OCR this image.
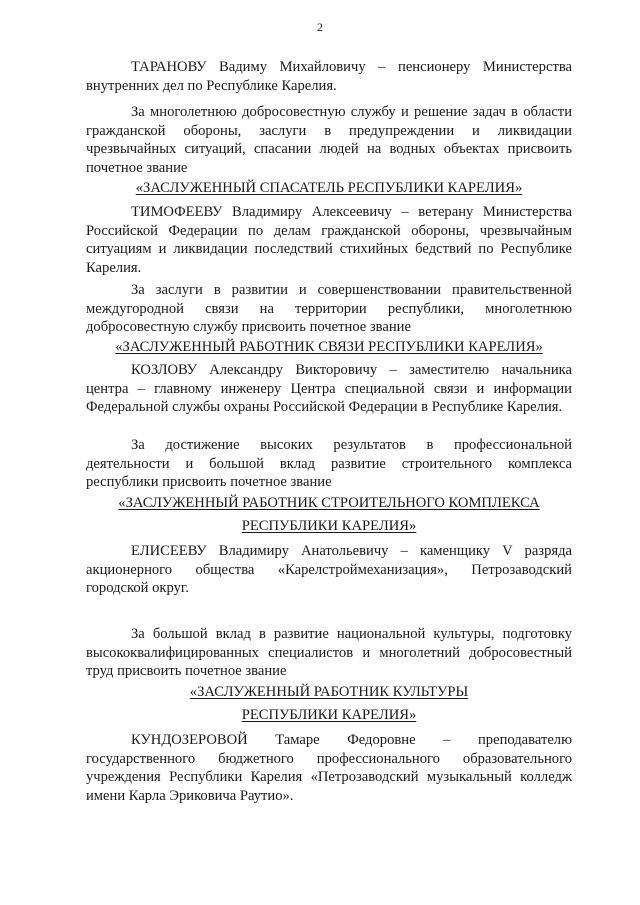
2

ТАРАНОВУ Вадиму Михайловичу – пенсионеру Министерства внутренних дел по Республике Карелия.

За многолетнюю добросовестную службу и решение задач в области гражданской обороны, заслуги в предупреждении и ликвидации чрезвычайных ситуаций, спасании людей на водных объектах присвоить почетное звание

«ЗАСЛУЖЕННЫЙ СПАСАТЕЛЬ РЕСПУБЛИКИ КАРЕЛИЯ»

ТИМОФЕЕВУ Владимиру Алексеевичу – ветерану Министерства Российской Федерации по делам гражданской обороны, чрезвычайным ситуациям и ликвидации последствий стихийных бедствий по Республике Карелия.

За заслуги в развитии и совершенствовании правительственной междугородной связи на территории республики, многолетнюю добросовестную службу присвоить почетное звание

«ЗАСЛУЖЕННЫЙ РАБОТНИК СВЯЗИ РЕСПУБЛИКИ КАРЕЛИЯ»

КОЗЛОВУ Александру Викторовичу – заместителю начальника центра – главному инженеру Центра специальной связи и информации Федеральной службы охраны Российской Федерации в Республике Карелия.

За достижение высоких результатов в профессиональной деятельности и большой вклад развитие строительного комплекса республики присвоить почетное звание

«ЗАСЛУЖЕННЫЙ РАБОТНИК СТРОИТЕЛЬНОГО КОМПЛЕКСА

РЕСПУБЛИКИ КАРЕЛИЯ»

ЕЛИСЕЕВУ Владимиру Анатольевичу – каменщику V разряда акционерного общества «Карелстроймеханизация», Петрозаводский городской округ.

За большой вклад в развитие национальной культуры, подготовку высококвалифицированных специалистов и многолетний добросовестный труд присвоить почетное звание

«ЗАСЛУЖЕННЫЙ РАБОТНИК КУЛЬТУРЫ

РЕСПУБЛИКИ КАРЕЛИЯ»

КУНДОЗЕРОВОЙ Тамаре Федоровне – преподавателю государственного бюджетного профессионального образовательного учреждения Республики Карелия «Петрозаводский музыкальный колледж имени Карла Эриковича Раутио».
